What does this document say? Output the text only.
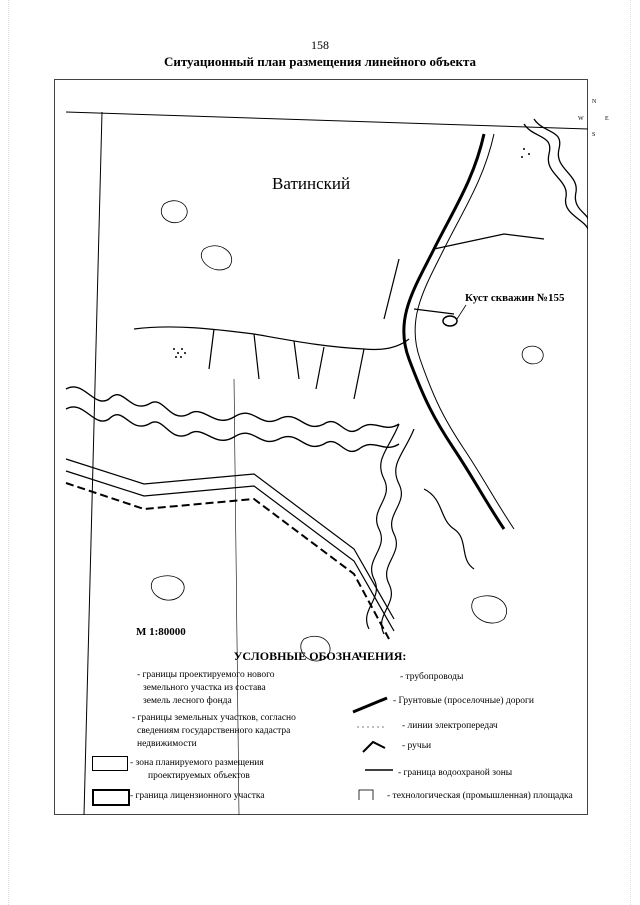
158
Ситуационный план размещения линейного объекта
Ватинский
Куст скважин №155
М 1:80000
N
S
W	E
УСЛОВНЫЕ ОБОЗНАЧЕНИЯ:
- границы проектируемого нового
земельного участка из состава
земель лесного фонда
- границы земельных участков, согласно
сведениям государственного кадастра
недвижимости
- зона планируемого размещения
проектируемых объектов
- граница лицензионного участка
- трубопроводы
- Грунтовые (проселочные) дороги
- линии электропередач
- ручьи
- граница водоохраной зоны
- технологическая (промышленная) площадка
